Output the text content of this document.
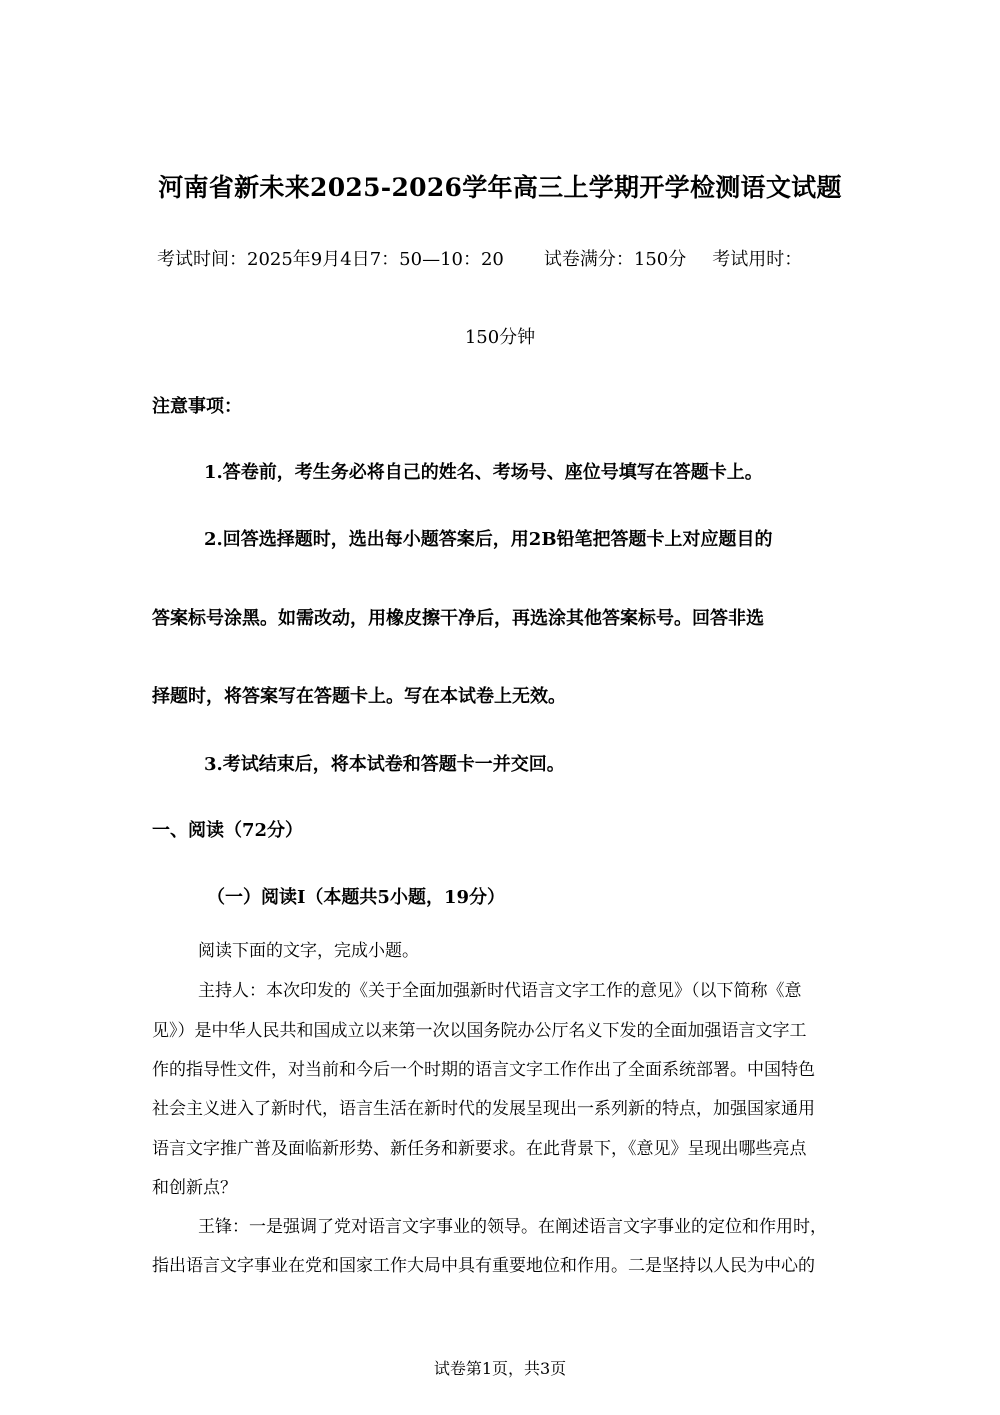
河南省新未来2025-2026学年高三上学期开学检测语文试题
考试时间：2025年9月4日7：50—10：20 试卷满分：150分 考试用时：
150分钟
注意事项：
1.答卷前，考生务必将自己的姓名、考场号、座位号填写在答题卡上。
2.回答选择题时，选出每小题答案后，用2B铅笔把答题卡上对应题目的
答案标号涂黑。如需改动，用橡皮擦干净后，再选涂其他答案标号。回答非选
择题时，将答案写在答题卡上。写在本试卷上无效。
3.考试结束后，将本试卷和答题卡一并交回。
一、阅读（72分）
（一）阅读Ⅰ（本题共5小题，19分）
阅读下面的文字，完成小题。
主持人：本次印发的《关于全面加强新时代语言文字工作的意见》（以下简称《意
见》）是中华人民共和国成立以来第一次以国务院办公厅名义下发的全面加强语言文字工
作的指导性文件，对当前和今后一个时期的语言文字工作作出了全面系统部署。中国特色
社会主义进入了新时代，语言生活在新时代的发展呈现出一系列新的特点，加强国家通用
语言文字推广普及面临新形势、新任务和新要求。在此背景下，《意见》呈现出哪些亮点
和创新点？
王锋：一是强调了党对语言文字事业的领导。在阐述语言文字事业的定位和作用时，
指出语言文字事业在党和国家工作大局中具有重要地位和作用。二是坚持以人民为中心的
试卷第1页，共3页
